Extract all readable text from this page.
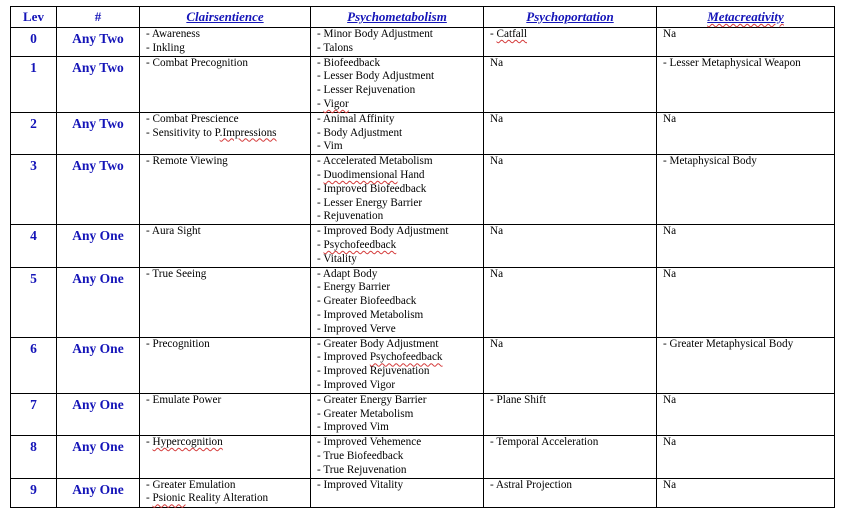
Lev	#	Clairsentience	Psychometabolism	Psychoportation	Metacreativity
0	Any Two	- Awareness
- Inkling	- Minor Body Adjustment
- Talons	- Catfall	Na

1	Any Two	- Combat Precognition	- Biofeedback
- Lesser Body Adjustment
- Lesser Rejuvenation
- Vigor	Na	- Lesser Metaphysical Weapon

2	Any Two	- Combat Prescience
- Sensitivity to P.Impressions	- Animal Affinity
- Body Adjustment
- Vim	Na	Na

3	Any Two	- Remote Viewing	- Accelerated Metabolism
- Duodimensional Hand
- Improved Biofeedback
- Lesser Energy Barrier
- Rejuvenation	Na	- Metaphysical Body

4	Any One	- Aura Sight	- Improved Body Adjustment
- Psychofeedback
- Vitality	Na	Na

5	Any One	- True Seeing	- Adapt Body
- Energy Barrier
- Greater Biofeedback
- Improved Metabolism
- Improved Verve	Na	Na

6	Any One	- Precognition	- Greater Body Adjustment
- Improved Psychofeedback
- Improved Rejuvenation
- Improved Vigor	Na	- Greater Metaphysical Body

7	Any One	- Emulate Power	- Greater Energy Barrier
- Greater Metabolism
- Improved Vim	- Plane Shift	Na

8	Any One	- Hypercognition	- Improved Vehemence
- True Biofeedback
- True Rejuvenation	- Temporal Acceleration	Na

9	Any One	- Greater Emulation
- Psionic Reality Alteration	- Improved Vitality	- Astral Projection	Na
